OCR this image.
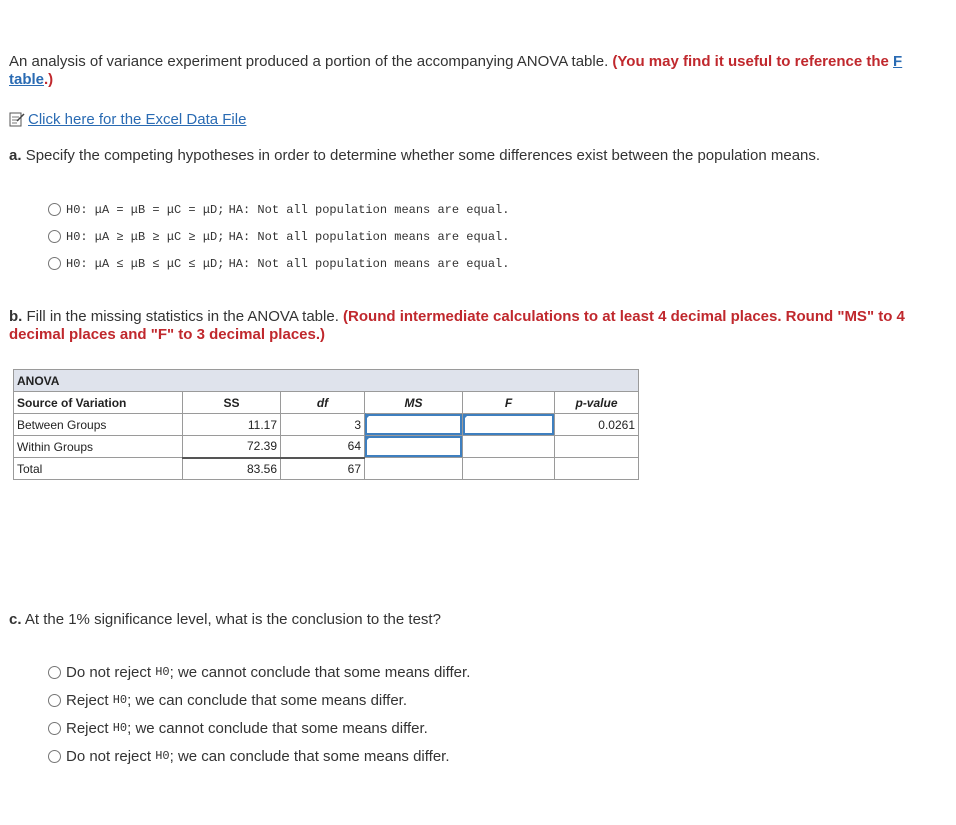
An analysis of variance experiment produced a portion of the accompanying ANOVA table. (You may find it useful to reference the F table.)
Click here for the Excel Data File
a. Specify the competing hypotheses in order to determine whether some differences exist between the population means.
H0: μA = μB = μC = μD;
HA: Not all population means are equal.
H0: μA ≥ μB ≥ μC ≥ μD;
HA: Not all population means are equal.
H0: μA ≤ μB ≤ μC ≤ μD;
HA: Not all population means are equal.
b. Fill in the missing statistics in the ANOVA table. (Round intermediate calculations to at least 4 decimal places. Round "MS" to 4 decimal places and "F" to 3 decimal places.)
ANOVA					
Source of Variation	SS	df	MS	F	p-value
Between Groups	11.17	3			0.0261
Within Groups	72.39	64

Total	83.56	67			
c. At the 1% significance level, what is the conclusion to the test?
Do not reject
H0 ; we cannot conclude that some means differ.
Reject
H0 ; we can conclude that some means differ.
Reject
H0 ; we cannot conclude that some means differ.
Do not reject
H0 ; we can conclude that some means differ.
